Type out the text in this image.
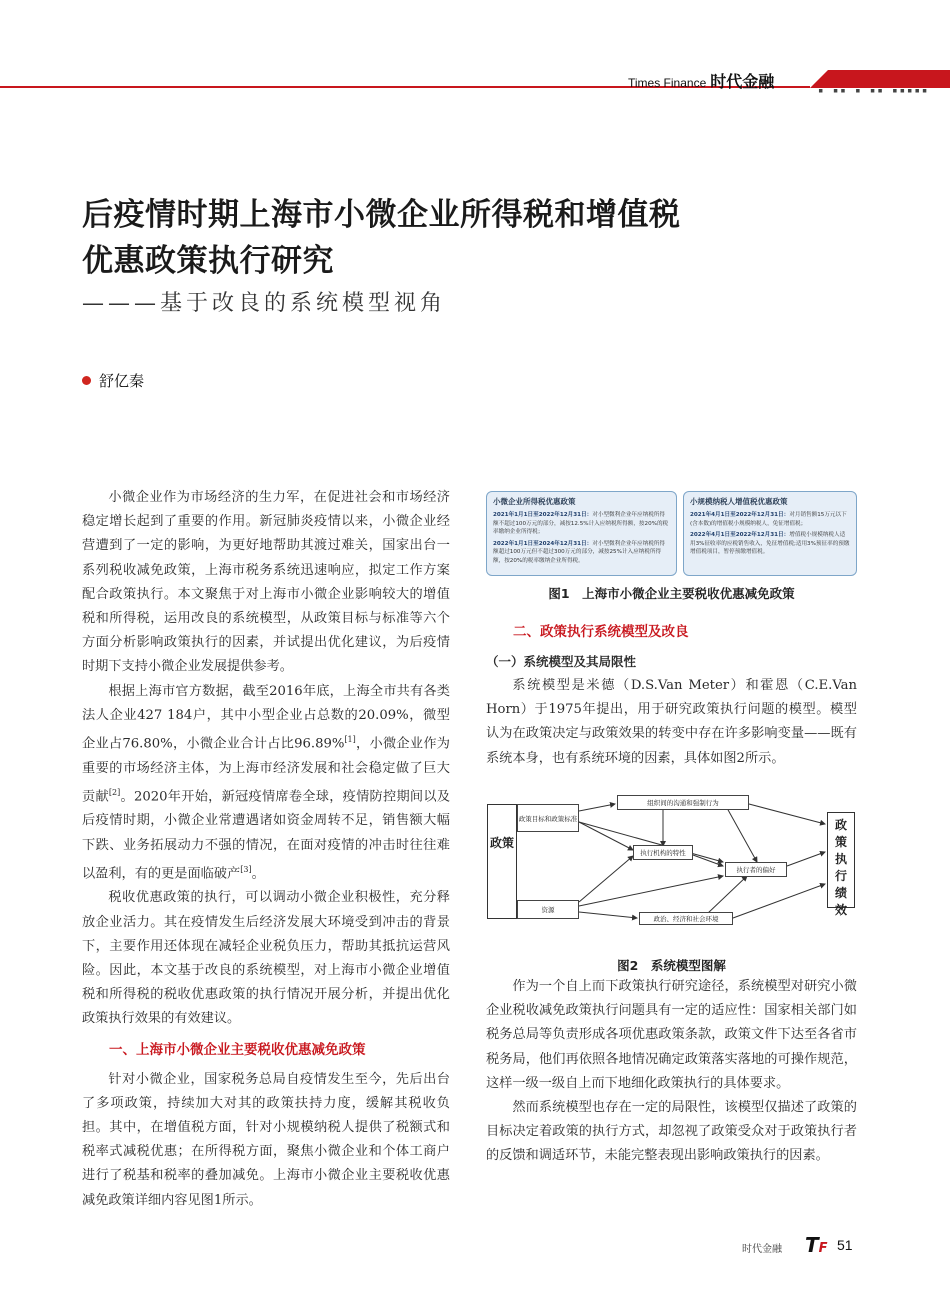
▪ ▪▪ ▪ ▪▪ ▪▪▪▪▪
Times Finance 时代金融
后疫情时期上海市小微企业所得税和增值税
优惠政策执行研究
———基于改良的系统模型视角
舒亿秦

小微企业作为市场经济的生力军，在促进社会和市场经济稳定增长起到了重要的作用。新冠肺炎疫情以来，小微企业经营遭到了一定的影响，为更好地帮助其渡过难关，国家出台一系列税收减免政策，上海市税务系统迅速响应，拟定工作方案配合政策执行。本文聚焦于对上海市小微企业影响较大的增值税和所得税，运用改良的系统模型，从政策目标与标准等六个方面分析影响政策执行的因素，并试提出优化建议，为后疫情时期下支持小微企业发展提供参考。

根据上海市官方数据，截至2016年底，上海全市共有各类法人企业427 184户，其中小型企业占总数的20.09%，微型企业占76.80%，小微企业合计占比96.89%[1]，小微企业作为重要的市场经济主体，为上海市经济发展和社会稳定做了巨大贡献[2]。2020年开始，新冠疫情席卷全球，疫情防控期间以及后疫情时期，小微企业常遭遇诸如资金周转不足，销售额大幅下跌、业务拓展动力不强的情况，在面对疫情的冲击时往往难以盈利，有的更是面临破产[3]。

税收优惠政策的执行，可以调动小微企业积极性，充分释放企业活力。其在疫情发生后经济发展大环境受到冲击的背景下，主要作用还体现在减轻企业税负压力，帮助其抵抗运营风险。因此，本文基于改良的系统模型，对上海市小微企业增值税和所得税的税收优惠政策的执行情况开展分析，并提出优化政策执行效果的有效建议。

一、上海市小微企业主要税收优惠减免政策

针对小微企业，国家税务总局自疫情发生至今，先后出台了多项政策，持续加大对其的政策扶持力度，缓解其税收负担。其中，在增值税方面，针对小规模纳税人提供了税额式和税率式减税优惠；在所得税方面，聚焦小微企业和个体工商户进行了税基和税率的叠加减免。上海市小微企业主要税收优惠减免政策详细内容见图1所示。

小微企业所得税优惠政策
2021年1月1日至2022年12月31日：对小型微利企业年应纳税所得额不超过100万元的部分，减按12.5%计入应纳税所得额，按20%的税率缴纳企业所得税；
2022年1月1日至2024年12月31日：对小型微利企业年应纳税所得额超过100万元但不超过300万元的部分，减按25%计入应纳税所得额，按20%的税率缴纳企业所得税。
小规模纳税人增值税优惠政策
2021年4月1日至2022年12月31日：对月销售额15万元以下(含本数)的增值税小规模纳税人，免征增值税；
2022年4月1日至2022年12月31日：增值税小规模纳税人适用3%征收率的应税销售收入，免征增值税;适用3%预征率的预缴增值税项目，暂停预缴增值税。
图1　上海市小微企业主要税收优惠减免政策
二、政策执行系统模型及改良
（一）系统模型及其局限性

系统模型是米德（D.S.Van Meter）和霍恩（C.E.Van Horn）于1975年提出，用于研究政策执行问题的模型。模型认为在政策决定与政策效果的转变中存在许多影响变量——既有系统本身，也有系统环境的因素，具体如图2所示。

政策
政策目标和政策标准
资源
组织间的沟通和强制行为
执行机构的特性
执行者的偏好
政治、经济和社会环境
政策执行绩效
图2　系统模型图解

作为一个自上而下政策执行研究途径，系统模型对研究小微企业税收减免政策执行问题具有一定的适应性：国家相关部门如税务总局等负责形成各项优惠政策条款，政策文件下达至各省市税务局，他们再依照各地情况确定政策落实落地的可操作规范，这样一级一级自上而下地细化政策执行的具体要求。

然而系统模型也存在一定的局限性，该模型仅描述了政策的目标决定着政策的执行方式，却忽视了政策受众对于政策执行者的反馈和调适环节，未能完整表现出影响政策执行的因素。

时代金融 TF 51
